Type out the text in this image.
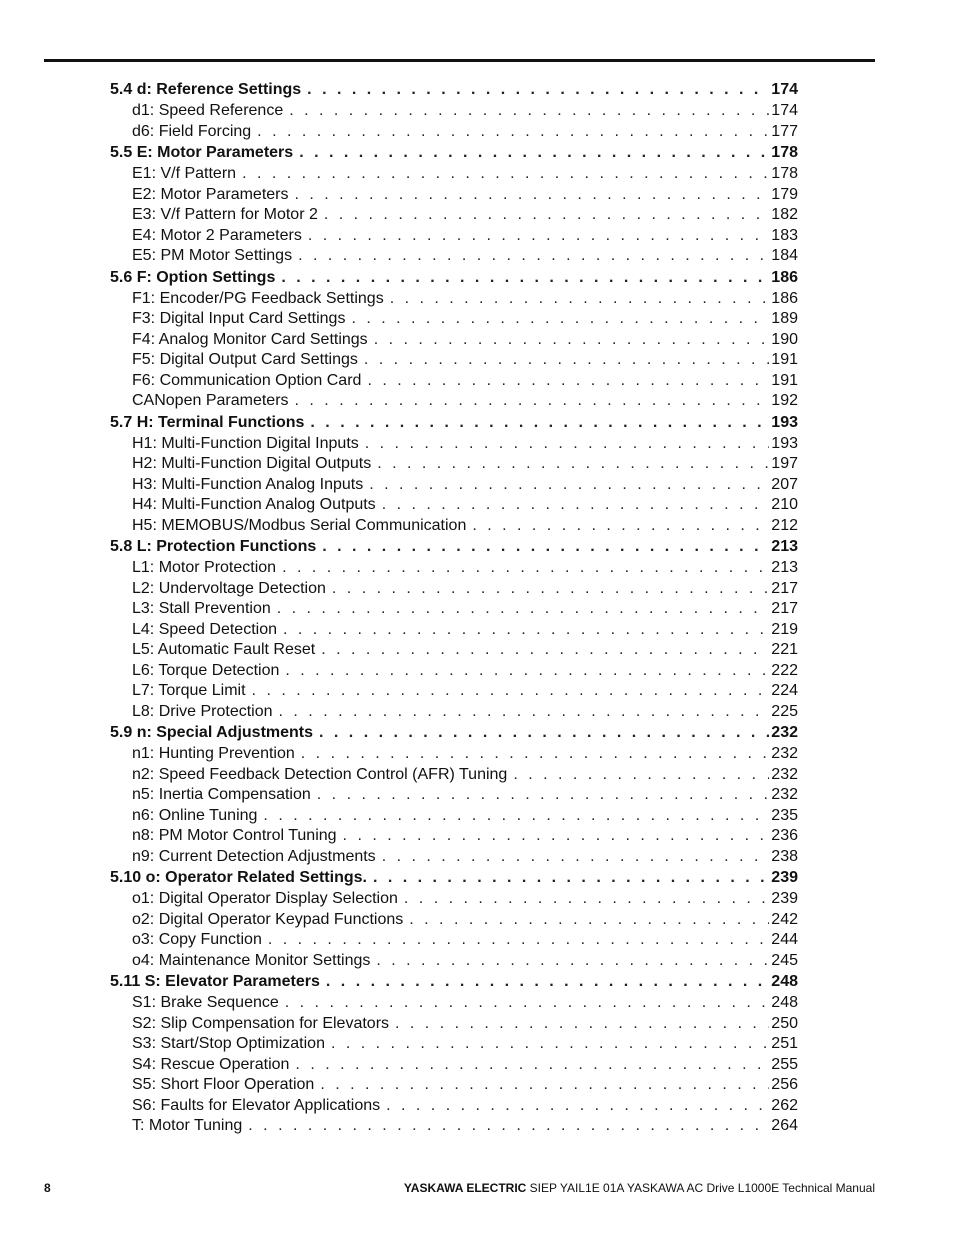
5.4 d: Reference Settings . . .	174
d1: Speed Reference . . .	174
d6: Field Forcing . . .	177
5.5 E: Motor Parameters . . .	178
E1: V/f Pattern . . .	178
E2: Motor Parameters . . .	179
E3: V/f Pattern for Motor 2 . . .	182
E4: Motor 2 Parameters . . .	183
E5: PM Motor Settings . . .	184
5.6 F: Option Settings . . .	186
F1: Encoder/PG Feedback Settings . . .	186
F3: Digital Input Card Settings . . .	189
F4: Analog Monitor Card Settings . . .	190
F5: Digital Output Card Settings . . .	191
F6: Communication Option Card . . .	191
CANopen Parameters . . .	192
5.7 H: Terminal Functions . . .	193
H1: Multi-Function Digital Inputs . . .	193
H2: Multi-Function Digital Outputs . . .	197
H3: Multi-Function Analog Inputs . . .	207
H4: Multi-Function Analog Outputs . . .	210
H5: MEMOBUS/Modbus Serial Communication . . .	212
5.8 L: Protection Functions . . .	213
L1: Motor Protection . . .	213
L2: Undervoltage Detection . . .	217
L3: Stall Prevention . . .	217
L4: Speed Detection . . .	219
L5: Automatic Fault Reset . . .	221
L6: Torque Detection . . .	222
L7: Torque Limit . . .	224
L8: Drive Protection . . .	225
5.9 n: Special Adjustments . . .	232
n1: Hunting Prevention . . .	232
n2: Speed Feedback Detection Control (AFR) Tuning . . .	232
n5: Inertia Compensation . . .	232
n6: Online Tuning . . .	235
n8: PM Motor Control Tuning . . .	236
n9: Current Detection Adjustments . . .	238
5.10 o: Operator Related Settings. . . .	239
o1: Digital Operator Display Selection . . .	239
o2: Digital Operator Keypad Functions . . .	242
o3: Copy Function . . .	244
o4: Maintenance Monitor Settings . . .	245
5.11 S: Elevator Parameters . . .	248
S1: Brake Sequence . . .	248
S2: Slip Compensation for Elevators . . .	250
S3: Start/Stop Optimization . . .	251
S4: Rescue Operation . . .	255
S5: Short Floor Operation . . .	256
S6: Faults for Elevator Applications . . .	262
T: Motor Tuning . . .	264
8	YASKAWA ELECTRIC SIEP YAIL1E 01A YASKAWA AC Drive L1000E Technical Manual
